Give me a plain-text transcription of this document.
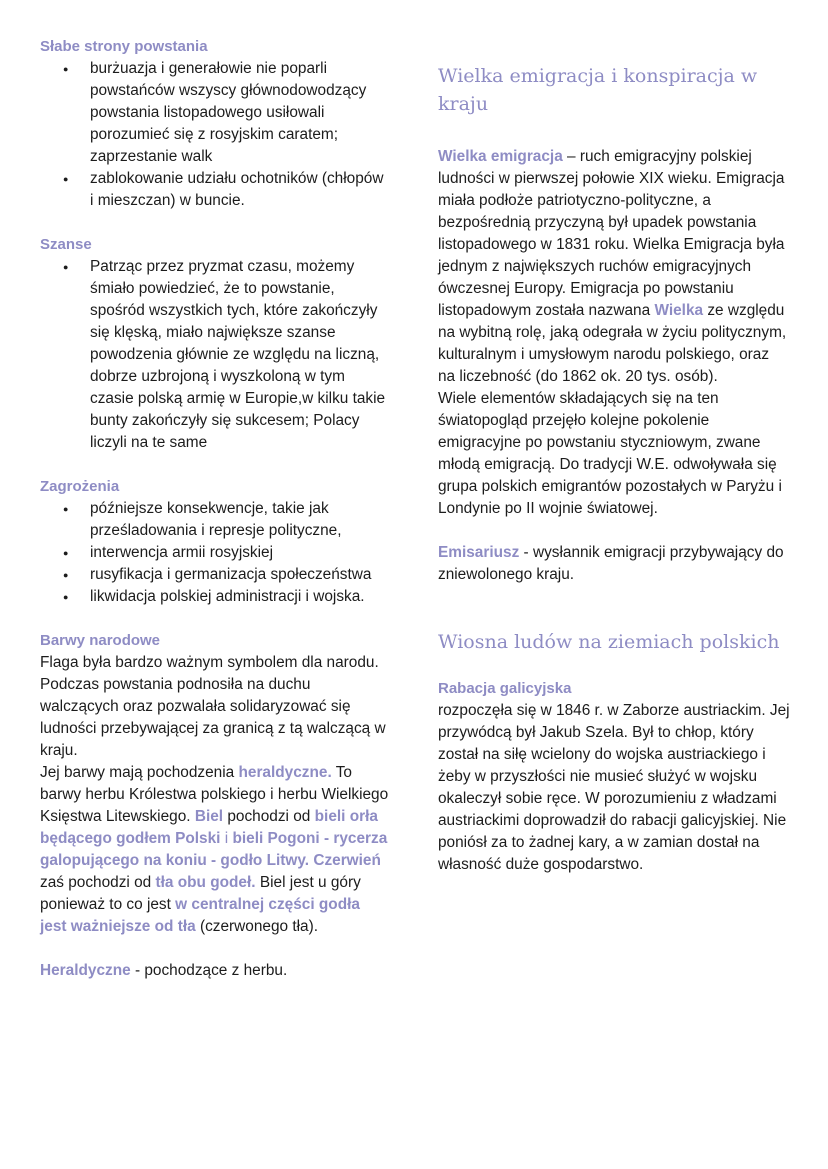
Słabe strony powstania
● burżuazja i generałowie nie poparli powstańców wszyscy głównodowodzący powstania listopadowego usiłowali porozumieć się z rosyjskim caratem; zaprzestanie walk
● zablokowanie udziału ochotników (chłopów i mieszczan) w buncie.
Szanse
● Patrząc przez pryzmat czasu, możemy śmiało powiedzieć, że to powstanie, spośród wszystkich tych, które zakończyły się klęską, miało największe szanse powodzenia głównie ze względu na liczną, dobrze uzbrojoną i wyszkoloną w tym czasie polską armię w Europie,w kilku takie bunty zakończyły się sukcesem; Polacy liczyli na te same
Zagrożenia
● późniejsze konsekwencje, takie jak prześladowania i represje polityczne,
● interwencja armii rosyjskiej
● rusyfikacja i germanizacja społeczeństwa
● likwidacja polskiej administracji i wojska.
Barwy narodowe

Flaga była bardzo ważnym symbolem dla narodu. Podczas powstania podnosiła na duchu walczących oraz pozwalała solidaryzować się ludności przebywającej za granicą z tą walczącą w kraju.

Jej barwy mają pochodzenia heraldyczne. To barwy herbu Królestwa polskiego i herbu Wielkiego Księstwa Litewskiego. Biel pochodzi od bieli orła będącego godłem Polski i bieli Pogoni - rycerza galopującego na koniu - godło Litwy. Czerwień zaś pochodzi od tła obu godeł. Biel jest u góry ponieważ to co jest w centralnej części godła jest ważniejsze od tła (czerwonego tła).

Heraldyczne - pochodzące z herbu.

Wielka emigracja i konspiracja w kraju

Wielka emigracja – ruch emigracyjny polskiej ludności w pierwszej połowie XIX wieku. Emigracja miała podłoże patriotyczno-polityczne, a bezpośrednią przyczyną był upadek powstania listopadowego w 1831 roku. Wielka Emigracja była jednym z największych ruchów emigracyjnych ówczesnej Europy. Emigracja po powstaniu listopadowym została nazwana Wielka ze względu na wybitną rolę, jaką odegrała w życiu politycznym, kulturalnym i umysłowym narodu polskiego, oraz na liczebność (do 1862 ok. 20 tys. osób).

Wiele elementów składających się na ten światopogląd przejęło kolejne pokolenie emigracyjne po powstaniu styczniowym, zwane młodą emigracją. Do tradycji W.E. odwoływała się grupa polskich emigrantów pozostałych w Paryżu i Londynie po II wojnie światowej.

Emisariusz - wysłannik emigracji przybywający do zniewolonego kraju.

Wiosna ludów na ziemiach polskich
Rabacja galicyjska

rozpoczęła się w 1846 r. w Zaborze austriackim. Jej przywódcą był Jakub Szela. Był to chłop, który został na siłę wcielony do wojska austriackiego i żeby w przyszłości nie musieć służyć w wojsku okaleczył sobie ręce. W porozumieniu z władzami austriackimi doprowadził do rabacji galicyjskiej. Nie poniósł za to żadnej kary, a w zamian dostał na własność duże gospodarstwo.
